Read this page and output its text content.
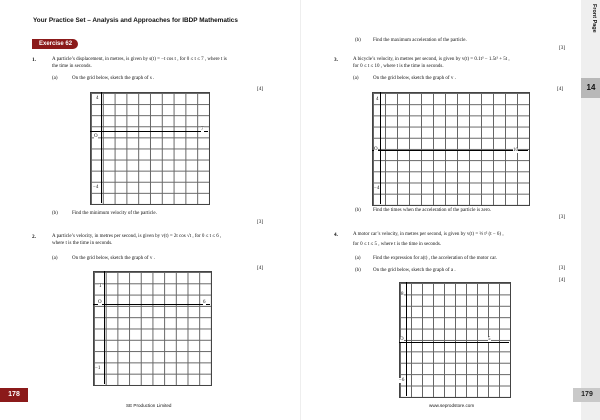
Your Practice Set – Analysis and Approaches for IBDP Mathematics
Exercise 62
1.	A particle’s displacement, in metres, is given by s(t) = −t cos t , for 0 ≤ t ≤ 7 , where t is
the time in seconds.
(a)	On the grid below, sketch the graph of s .
[4]
4
−4
O
7
(b)	Find the minimum velocity of the particle.
[3]
2.	A particle’s velocity, in metres per second, is given by v(t) = 2t cos √t , for 0 ≤ t ≤ 6 ,
where t is the time in seconds.
(a)	On the grid below, sketch the graph of v .
[4]
1
−1
O	6
178
SE Production Limited
(b) Find the maximum acceleration of the particle.
[3]
3.	A bicycle’s velocity, in metres per second, is given by v(t) = 0.1t³ − 1.5t² + 5t ,
for 0 ≤ t ≤ 10 , where t is the time in seconds.
(a)	On the grid below, sketch the graph of v .
[4]
4
−4
O	10
(b) Find the times when the acceleration of the particle is zero.
[3]
4.	A motor car’s velocity, in metres per second, is given by v(t) = ⅓ t² (t − 6) ,
for 0 ≤ t ≤ 5 , where t is the time in seconds.
(a) Find the expression for a(t) , the acceleration of the motor car.
[3]
(b) On the grid below, sketch the graph of a .
[4]
8
−6
O	5
www.seprodstore.com
Front Page
14
179
